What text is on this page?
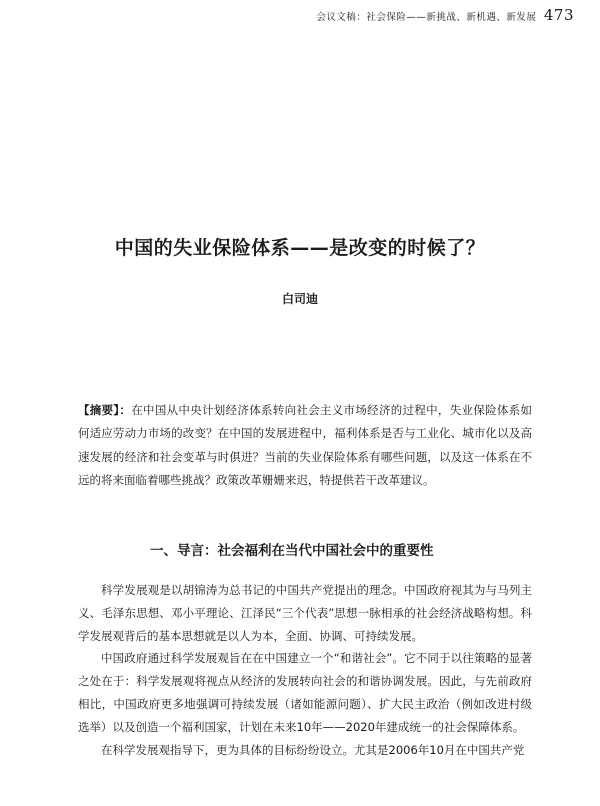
会议文稿：社会保险——新挑战、新机遇、新发展 473
中国的失业保险体系——是改变的时候了？
白司迪
【摘要】：在中国从中央计划经济体系转向社会主义市场经济的过程中，失业保险体系如何适应劳动力市场的改变？在中国的发展进程中，福利体系是否与工业化、城市化以及高速发展的经济和社会变革与时俱进？当前的失业保险体系有哪些问题，以及这一体系在不远的将来面临着哪些挑战？政策改革姗姗来迟，特提供若干改革建议。
一、导言：社会福利在当代中国社会中的重要性

科学发展观是以胡锦涛为总书记的中国共产党提出的理念。中国政府视其为与马列主义、毛泽东思想、邓小平理论、江泽民“三个代表”思想一脉相承的社会经济战略构想。科学发展观背后的基本思想就是以人为本，全面、协调、可持续发展。

中国政府通过科学发展观旨在在中国建立一个“和谐社会”。它不同于以往策略的显著之处在于：科学发展观将视点从经济的发展转向社会的和谐协调发展。因此，与先前政府相比，中国政府更多地强调可持续发展（诸如能源问题）、扩大民主政治（例如改进村级选举）以及创造一个福利国家，计划在未来10年——2020年建成统一的社会保障体系。

在科学发展观指导下，更为具体的目标纷纷设立。尤其是2006年10月在中国共产党
